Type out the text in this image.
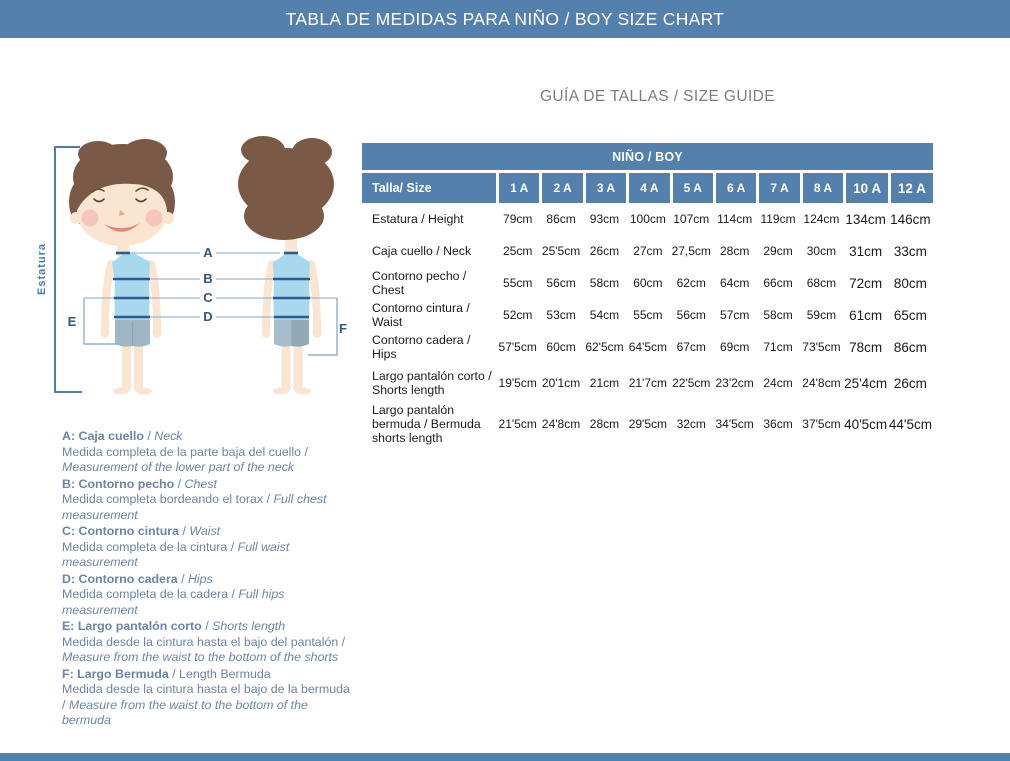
TABLA DE MEDIDAS PARA NIÑO / BOY SIZE CHART
GUÍA DE TALLAS / SIZE GUIDE
Estatura	A
B
C
D
E	F
A: Caja cuello / Neck
Medida completa de la parte baja del cuello / Measurement of the lower part of the neck
B: Contorno pecho / Chest
Medida completa bordeando el torax / Full chest measurement
C: Contorno cintura / Waist
Medida completa de la cintura / Full waist measurement
D: Contorno cadera / Hips
Medida completa de la cadera / Full hips measurement
E: Largo pantalón corto / Shorts length
Medida desde la cintura hasta el bajo del pantalón / Measure from the waist to the bottom of the shorts
F: Largo Bermuda / Length Bermuda
Medida desde la cintura hasta el bajo de la bermuda / Measure from the waist to the bottom of the bermuda
NIÑO / BOY
Talla/ Size	1 A	2 A	3 A	4 A	5 A	6 A	7 A	8 A	10 A	12 A
Estatura / Height	79cm	86cm	93cm 100cm 107cm 114cm 119cm 124cm 134cm 146cm
Caja cuello / Neck	25cm 25'5cm 26cm	27cm 27,5cm 28cm	29cm	30cm 31cm 33cm
Contorno pecho / Chest	55cm	56cm	58cm	60cm	62cm	64cm	66cm	68cm 72cm 80cm
Contorno cintura / Waist	52cm	53cm	54cm	55cm	56cm	57cm	58cm	59cm 61cm 65cm
Contorno cadera / Hips	57'5cm 60cm 62'5cm 64'5cm 67cm	69cm	71cm 73'5cm 78cm 86cm
Largo pantalón corto / Shorts length	19'5cm 20'1cm 21cm 21'7cm 22'5cm 23'2cm 24cm 24'8cm 25'4cm 26cm
Largo pantalón bermuda / Bermuda shorts length
21'5cm 24'8cm 28cm 29'5cm 32cm 34'5cm 36cm 37'5cm 40'5cm 44'5cm
